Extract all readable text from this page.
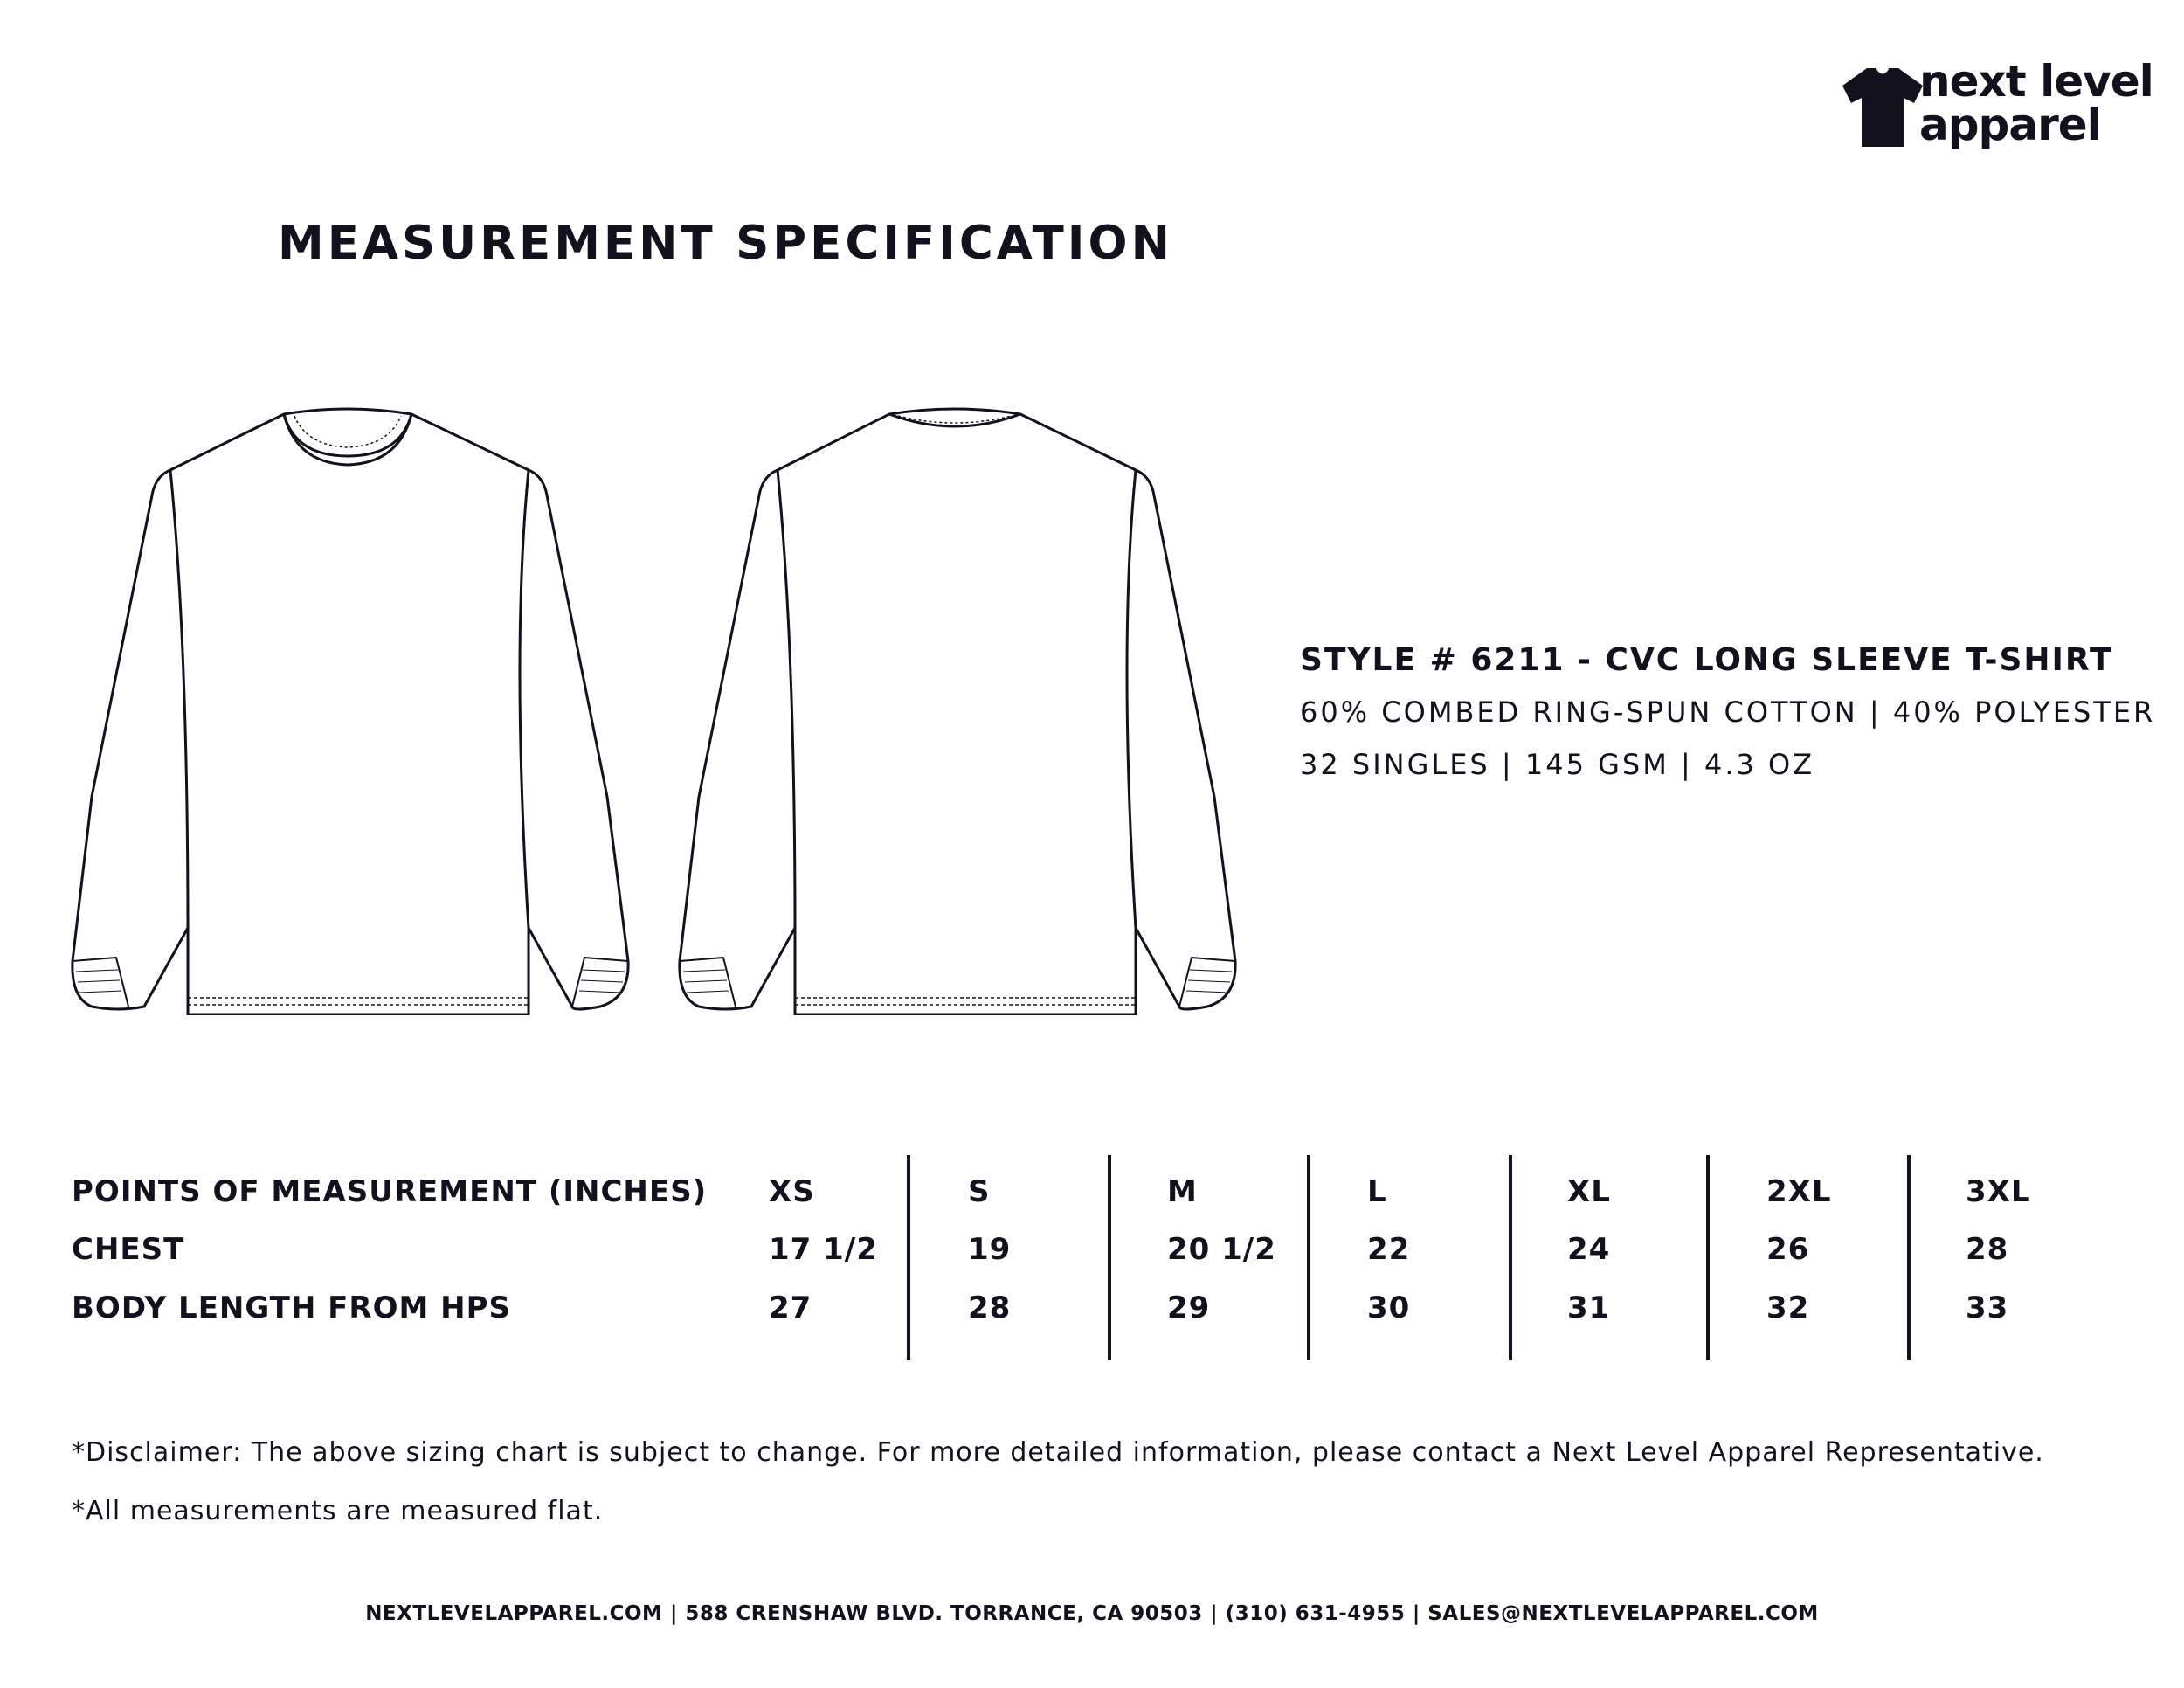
next level
apparel
MEASUREMENT SPECIFICATION
STYLE # 6211 - CVC LONG SLEEVE T-SHIRT
60% COMBED RING-SPUN COTTON | 40% POLYESTER
32 SINGLES | 145 GSM | 4.3 OZ
POINTS OF MEASUREMENT (INCHES)
CHEST
BODY LENGTH FROM HPS
XS
17 1/2
27
S
19
28
M
20 1/2
29
L
22
30
XL
24
31
2XL
26
32
3XL
28
33
*Disclaimer: The above sizing chart is subject to change. For more detailed information, please contact a Next Level Apparel Representative.
*All measurements are measured flat.
NEXTLEVELAPPAREL.COM | 588 CRENSHAW BLVD. TORRANCE, CA 90503 | (310) 631-4955 | SALES@NEXTLEVELAPPAREL.COM
